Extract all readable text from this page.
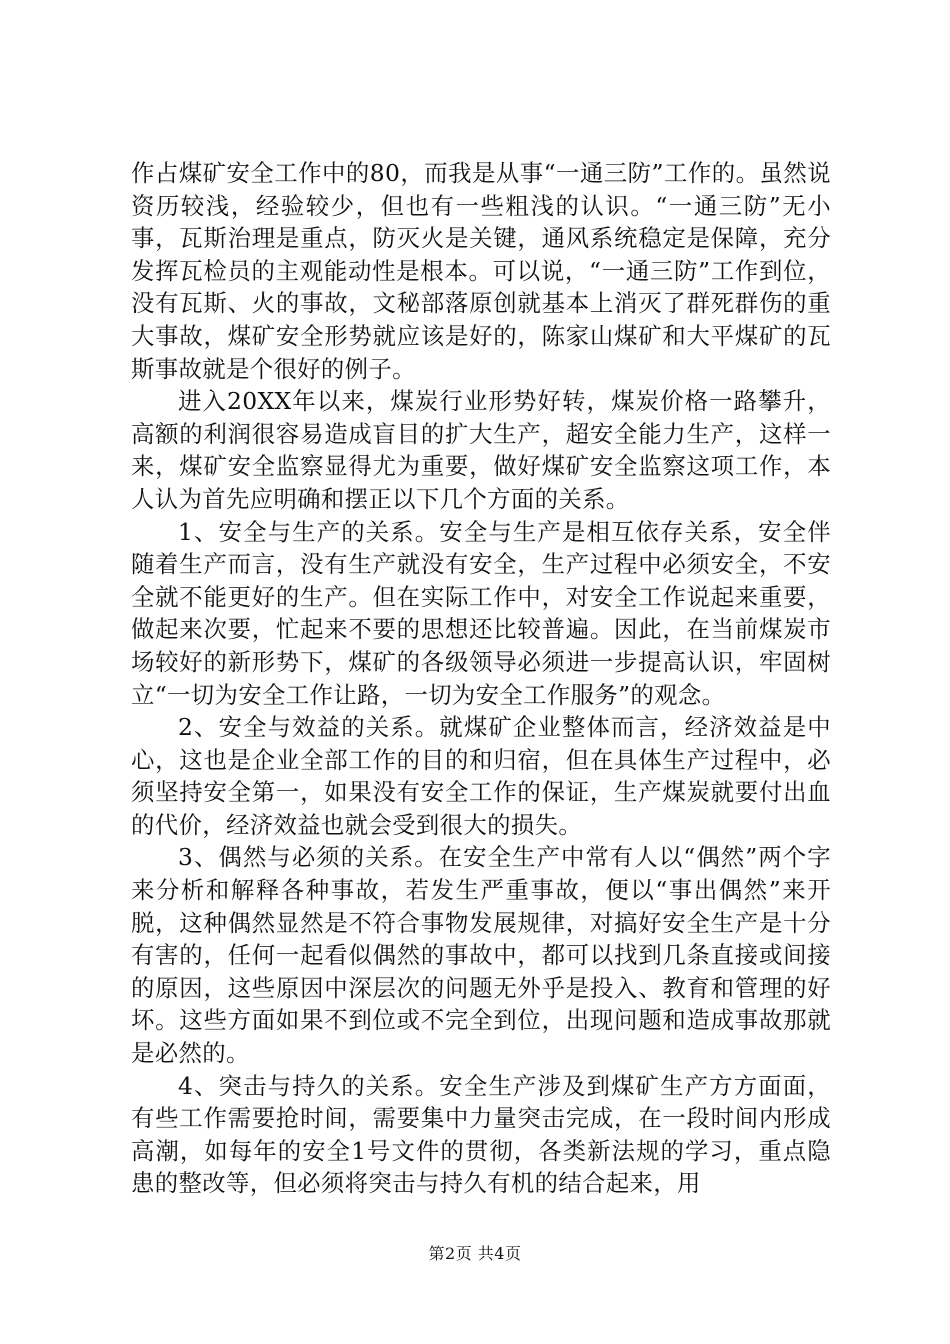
作占煤矿安全工作中的80，而我是从事“一通三防”工作的。虽然说资历较浅，经验较少，但也有一些粗浅的认识。“一通三防”无小事，瓦斯治理是重点，防灭火是关键，通风系统稳定是保障，充分发挥瓦检员的主观能动性是根本。可以说，“一通三防”工作到位，没有瓦斯、火的事故，文秘部落原创就基本上消灭了群死群伤的重大事故，煤矿安全形势就应该是好的，陈家山煤矿和大平煤矿的瓦斯事故就是个很好的例子。

进入20XX年以来，煤炭行业形势好转，煤炭价格一路攀升，高额的利润很容易造成盲目的扩大生产，超安全能力生产，这样一来，煤矿安全监察显得尤为重要，做好煤矿安全监察这项工作，本人认为首先应明确和摆正以下几个方面的关系。

1、安全与生产的关系。安全与生产是相互依存关系，安全伴随着生产而言，没有生产就没有安全，生产过程中必须安全，不安全就不能更好的生产。但在实际工作中，对安全工作说起来重要，做起来次要，忙起来不要的思想还比较普遍。因此，在当前煤炭市场较好的新形势下，煤矿的各级领导必须进一步提高认识，牢固树立“一切为安全工作让路，一切为安全工作服务”的观念。

2、安全与效益的关系。就煤矿企业整体而言，经济效益是中心，这也是企业全部工作的目的和归宿，但在具体生产过程中，必须坚持安全第一，如果没有安全工作的保证，生产煤炭就要付出血的代价，经济效益也就会受到很大的损失。

3、偶然与必须的关系。在安全生产中常有人以“偶然”两个字来分析和解释各种事故，若发生严重事故，便以“事出偶然”来开脱，这种偶然显然是不符合事物发展规律，对搞好安全生产是十分有害的，任何一起看似偶然的事故中，都可以找到几条直接或间接的原因，这些原因中深层次的问题无外乎是投入、教育和管理的好坏。这些方面如果不到位或不完全到位，出现问题和造成事故那就是必然的。

4、突击与持久的关系。安全生产涉及到煤矿生产方方面面，有些工作需要抢时间，需要集中力量突击完成，在一段时间内形成高潮，如每年的安全1号文件的贯彻，各类新法规的学习，重点隐患的整改等，但必须将突击与持久有机的结合起来，用

第2页 共4页
